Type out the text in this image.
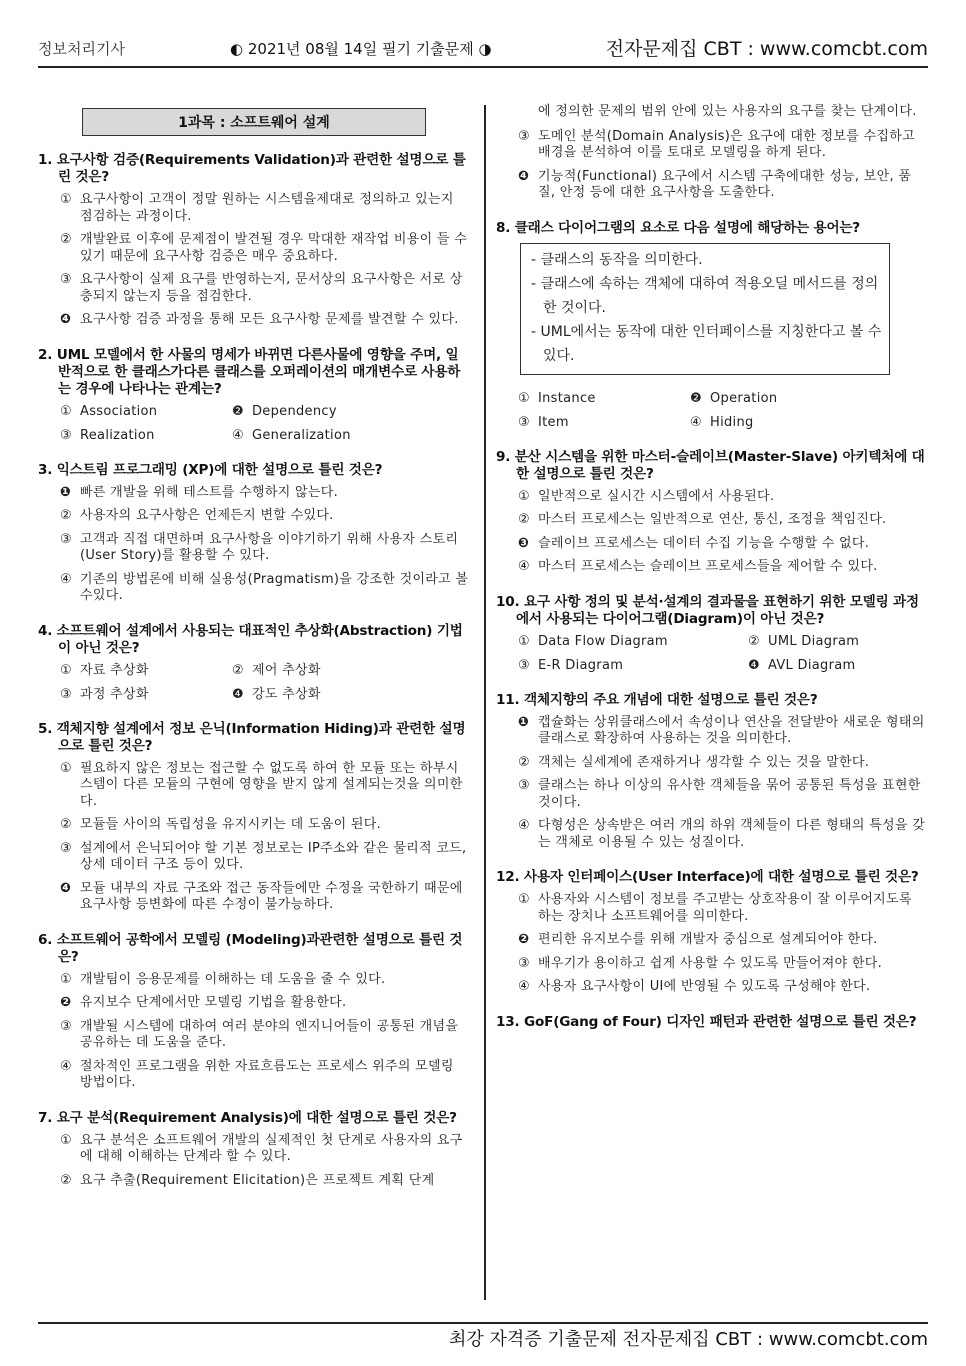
정보처리기사	◐ 2021년 08월 14일 필기 기출문제 ◑	전자문제집 CBT : www.comcbt.com
1과목 : 소프트웨어 설계
1. 요구사항 검증(Requirements Validation)과 관련한 설명으로 틀린 것은?
① 요구사항이 고객이 정말 원하는 시스템을제대로 정의하고 있는지 점검하는 과정이다.
② 개발완료 이후에 문제점이 발견될 경우 막대한 재작업 비용이 들 수 있기 때문에 요구사항 검증은 매우 중요하다.
③ 요구사항이 실제 요구를 반영하는지, 문서상의 요구사항은 서로 상충되지 않는지 등을 점검한다.
❹ 요구사항 검증 과정을 통해 모든 요구사항 문제를 발견할 수 있다.
2. UML 모델에서 한 사물의 명세가 바뀌면 다른사물에 영향을 주며, 일반적으로 한 클래스가다른 클래스를 오퍼레이션의 매개변수로 사용하는 경우에 나타나는 관계는?
① Association	❷ Dependency
③ Realization	④ Generalization
3. 익스트림 프로그래밍 (XP)에 대한 설명으로 틀린 것은?
❶ 빠른 개발을 위해 테스트를 수행하지 않는다.
② 사용자의 요구사항은 언제든지 변할 수있다.
③ 고객과 직접 대면하며 요구사항을 이야기하기 위해 사용자 스토리(User Story)를 활용할 수 있다.
④ 기존의 방법론에 비해 실용성(Pragmatism)을 강조한 것이라고 볼 수있다.
4. 소프트웨어 설계에서 사용되는 대표적인 추상화(Abstraction) 기법이 아닌 것은?
① 자료 추상화	② 제어 추상화
③ 과정 추상화	❹ 강도 추상화
5. 객체지향 설계에서 정보 은닉(Information Hiding)과 관련한 설명으로 틀린 것은?
① 필요하지 않은 정보는 접근할 수 없도록 하여 한 모듈 또는 하부시스템이 다른 모듈의 구현에 영향을 받지 않게 설계되는것을 의미한다.
② 모듈들 사이의 독립성을 유지시키는 데 도움이 된다.
③ 설계에서 은닉되어야 할 기본 정보로는 IP주소와 같은 물리적 코드, 상세 데이터 구조 등이 있다.
❹ 모듈 내부의 자료 구조와 접근 동작들에만 수정을 국한하기 때문에 요구사항 등변화에 따른 수정이 불가능하다.
6. 소프트웨어 공학에서 모델링 (Modeling)과관련한 설명으로 틀린 것은?
① 개발팀이 응용문제를 이해하는 데 도움을 줄 수 있다.
❷ 유지보수 단계에서만 모델링 기법을 활용한다.
③ 개발될 시스템에 대하여 여러 분야의 엔지니어들이 공통된 개념을 공유하는 데 도움을 준다.
④ 절차적인 프로그램을 위한 자료흐름도는 프로세스 위주의 모델링 방법이다.
7. 요구 분석(Requirement Analysis)에 대한 설명으로 틀린 것은?
① 요구 분석은 소프트웨어 개발의 실제적인 첫 단계로 사용자의 요구에 대해 이해하는 단계라 할 수 있다.
② 요구 추출(Requirement Elicitation)은 프로젝트 계획 단계
에 정의한 문제의 범위 안에 있는 사용자의 요구를 찾는 단계이다.
③ 도메인 분석(Domain Analysis)은 요구에 대한 정보를 수집하고 배경을 분석하여 이를 토대로 모델링을 하게 된다.
❹ 기능적(Functional) 요구에서 시스템 구축에대한 성능, 보안, 품질, 안정 등에 대한 요구사항을 도출한다.
8. 클래스 다이어그램의 요소로 다음 설명에 해당하는 용어는?
- 클래스의 동작을 의미한다.
- 클래스에 속하는 객체에 대하여 적용오딜 메서드를 정의한 것이다.
- UML에서는 동작에 대한 인터페이스를 지칭한다고 볼 수 있다.
① Instance	❷ Operation
③ Item	④ Hiding
9. 분산 시스템을 위한 마스터-슬레이브(Master-Slave) 아키텍처에 대한 설명으로 틀린 것은?
① 일반적으로 실시간 시스템에서 사용된다.
② 마스터 프로세스는 일반적으로 연산, 통신, 조정을 책임진다.
❸ 슬레이브 프로세스는 데이터 수집 기능을 수행할 수 없다.
④ 마스터 프로세스는 슬레이브 프로세스들을 제어할 수 있다.
10. 요구 사항 정의 및 분석·설계의 결과물을 표현하기 위한 모델링 과정에서 사용되는 다이어그램(Diagram)이 아닌 것은?
① Data Flow Diagram	② UML Diagram
③ E-R Diagram	❹ AVL Diagram
11. 객체지향의 주요 개념에 대한 설명으로 틀린 것은?
❶ 캡슐화는 상위클래스에서 속성이나 연산을 전달받아 새로운 형태의 클래스로 확장하여 사용하는 것을 의미한다.
② 객체는 실세계에 존재하거나 생각할 수 있는 것을 말한다.
③ 클래스는 하나 이상의 유사한 객체들을 묶어 공통된 특성을 표현한 것이다.
④ 다형성은 상속받은 여러 개의 하위 객체들이 다른 형태의 특성을 갖는 객체로 이용될 수 있는 성질이다.
12. 사용자 인터페이스(User Interface)에 대한 설명으로 틀린 것은?
① 사용자와 시스템이 정보를 주고받는 상호작용이 잘 이루어지도록 하는 장치나 소프트웨어를 의미한다.
❷ 편리한 유지보수를 위해 개발자 중심으로 설계되어야 한다.
③ 배우기가 용이하고 쉽게 사용할 수 있도록 만들어져야 한다.
④ 사용자 요구사항이 UI에 반영될 수 있도록 구성해야 한다.
13. GoF(Gang of Four) 디자인 패턴과 관련한 설명으로 틀린 것은?
최강 자격증 기출문제 전자문제집 CBT : www.comcbt.com
